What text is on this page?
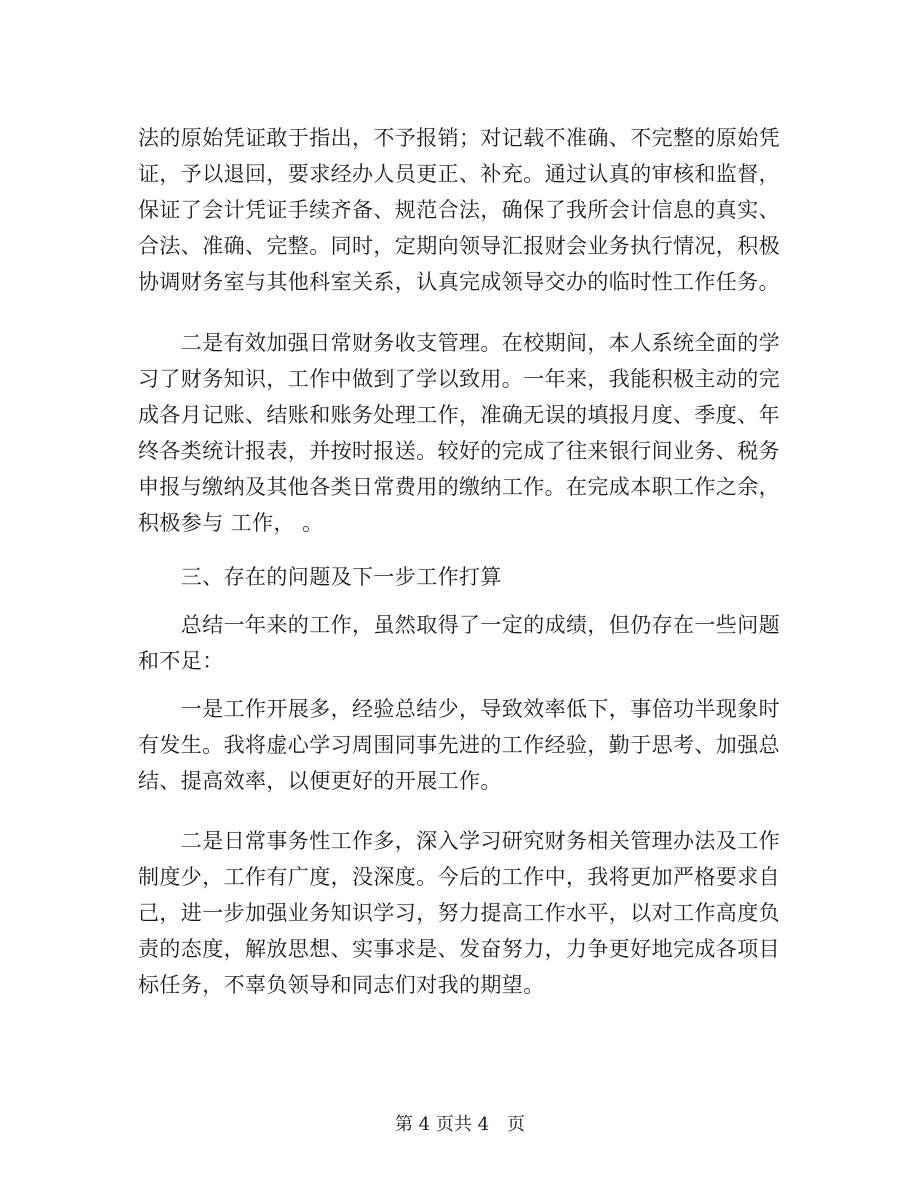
法的原始凭证敢于指出，不予报销；对记载不准确、不完整的原始凭
证，予以退回，要求经办人员更正、补充。通过认真的审核和监督，
保证了会计凭证手续齐备、规范合法，确保了我所会计信息的真实、
合法、准确、完整。同时，定期向领导汇报财会业务执行情况，积极
协调财务室与其他科室关系，认真完成领导交办的临时性工作任务。
　　二是有效加强日常财务收支管理。在校期间，本人系统全面的学
习了财务知识，工作中做到了学以致用。一年来，我能积极主动的完
成各月记账、结账和账务处理工作，准确无误的填报月度、季度、年
终各类统计报表，并按时报送。较好的完成了往来银行间业务、税务
申报与缴纳及其他各类日常费用的缴纳工作。在完成本职工作之余，
积极参与 工作， 。
　　三、存在的问题及下一步工作打算
　　总结一年来的工作，虽然取得了一定的成绩，但仍存在一些问题
和不足：
　　一是工作开展多，经验总结少，导致效率低下，事倍功半现象时
有发生。我将虚心学习周围同事先进的工作经验，勤于思考、加强总
结、提高效率，以便更好的开展工作。
　　二是日常事务性工作多，深入学习研究财务相关管理办法及工作
制度少，工作有广度，没深度。今后的工作中，我将更加严格要求自
己，进一步加强业务知识学习，努力提高工作水平，以对工作高度负
责的态度，解放思想、实事求是、发奋努力，力争更好地完成各项目
标任务，不辜负领导和同志们对我的期望。
第 4 页共 4　页
